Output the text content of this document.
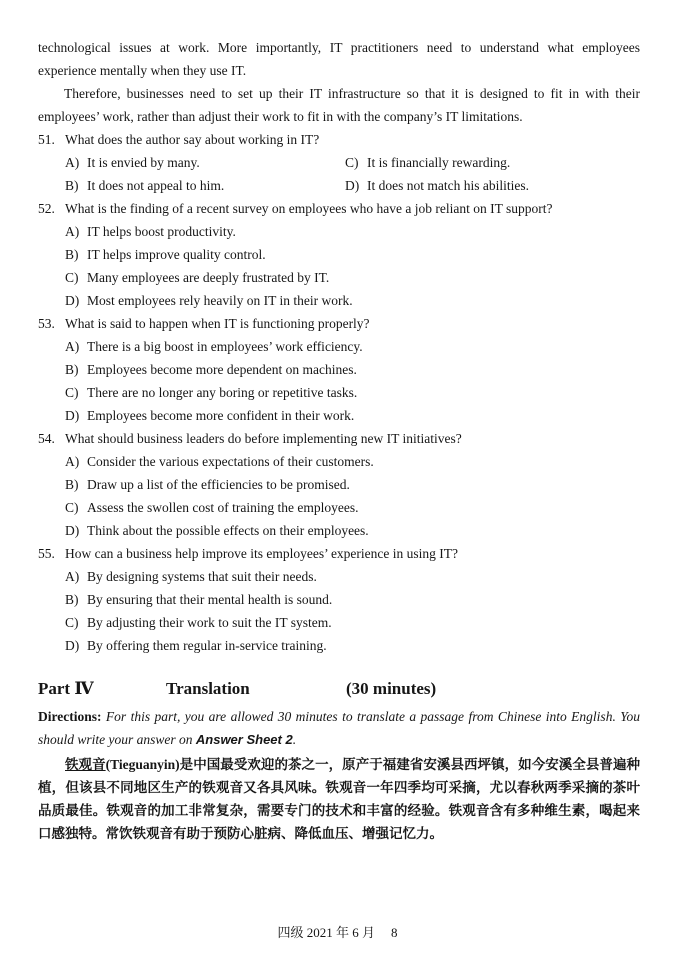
technological issues at work. More importantly, IT practitioners need to understand what employees experience mentally when they use IT.

Therefore, businesses need to set up their IT infrastructure so that it is designed to fit in with their employees’ work, rather than adjust their work to fit in with the company’s IT limitations.

51. What does the author say about working in IT?
A) It is envied by many.	C) It is financially rewarding.
B) It does not appeal to him.	D) It does not match his abilities.
52. What is the finding of a recent survey on employees who have a job reliant on IT support?
A) IT helps boost productivity.
B) IT helps improve quality control.
C) Many employees are deeply frustrated by IT.
D) Most employees rely heavily on IT in their work.
53. What is said to happen when IT is functioning properly?
A) There is a big boost in employees’ work efficiency.
B) Employees become more dependent on machines.
C) There are no longer any boring or repetitive tasks.
D) Employees become more confident in their work.
54. What should business leaders do before implementing new IT initiatives?
A) Consider the various expectations of their customers.
B) Draw up a list of the efficiencies to be promised.
C) Assess the swollen cost of training the employees.
D) Think about the possible effects on their employees.
55. How can a business help improve its employees’ experience in using IT?
A) By designing systems that suit their needs.
B) By ensuring that their mental health is sound.
C) By adjusting their work to suit the IT system.
D) By offering them regular in-service training.
Part Ⅳ	Translation	(30 minutes)

Directions: For this part, you are allowed 30 minutes to translate a passage from Chinese into English. You should write your answer on Answer Sheet 2.

铁观音(Tieguanyin)是中国最受欢迎的茶之一，原产于福建省安溪县西坪镇，如今安溪全县普遍种植，但该县不同地区生产的铁观音又各具风味。铁观音一年四季均可采摘，尤以春秋两季采摘的茶叶品质最佳。铁观音的加工非常复杂，需要专门的技术和丰富的经验。铁观音含有多种维生素，喝起来口感独特。常饮铁观音有助于预防心脏病、降低血压、增强记忆力。

四级 2021 年 6 月 8
